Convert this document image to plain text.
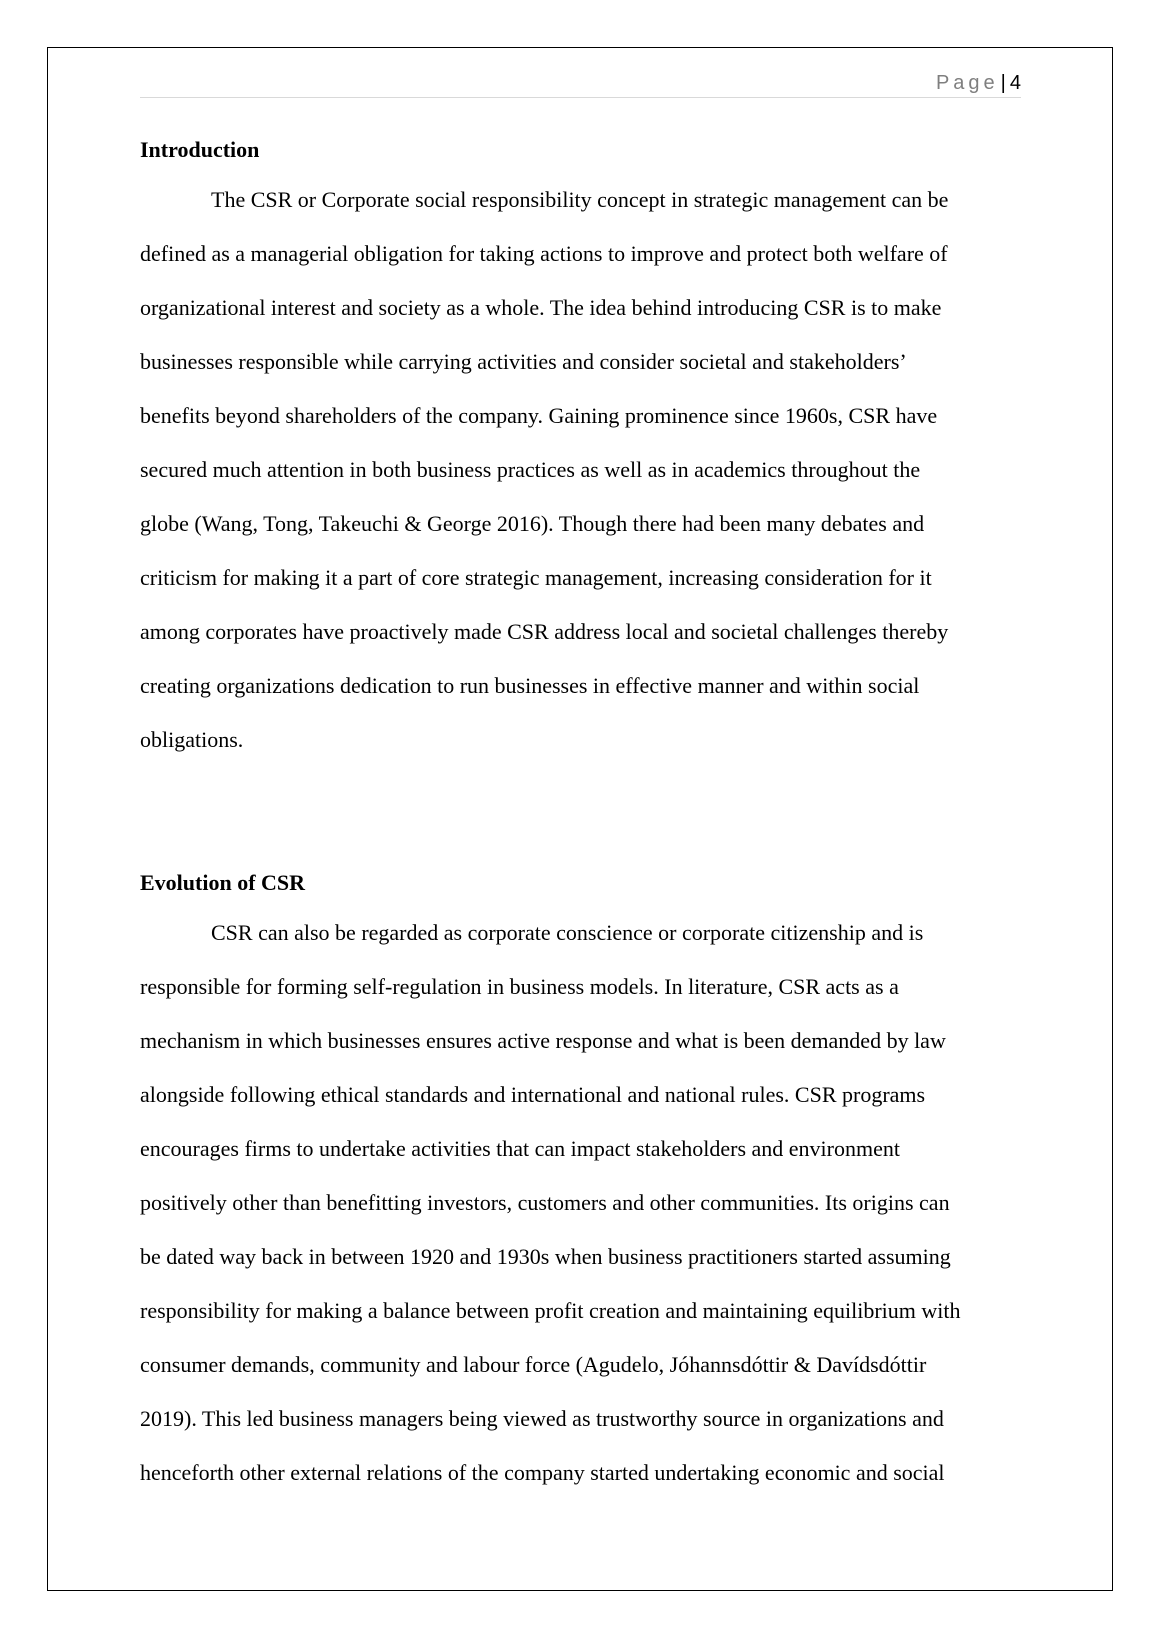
Page | 4
Introduction
The CSR or Corporate social responsibility concept in strategic management can be
defined as a managerial obligation for taking actions to improve and protect both welfare of
organizational interest and society as a whole. The idea behind introducing CSR is to make
businesses responsible while carrying activities and consider societal and stakeholders’
benefits beyond shareholders of the company. Gaining prominence since 1960s, CSR have
secured much attention in both business practices as well as in academics throughout the
globe (Wang, Tong, Takeuchi & George 2016). Though there had been many debates and
criticism for making it a part of core strategic management, increasing consideration for it
among corporates have proactively made CSR address local and societal challenges thereby
creating organizations dedication to run businesses in effective manner and within social
obligations.
Evolution of CSR
CSR can also be regarded as corporate conscience or corporate citizenship and is
responsible for forming self-regulation in business models. In literature, CSR acts as a
mechanism in which businesses ensures active response and what is been demanded by law
alongside following ethical standards and international and national rules. CSR programs
encourages firms to undertake activities that can impact stakeholders and environment
positively other than benefitting investors, customers and other communities. Its origins can
be dated way back in between 1920 and 1930s when business practitioners started assuming
responsibility for making a balance between profit creation and maintaining equilibrium with
consumer demands, community and labour force (Agudelo, Jóhannsdóttir & Davídsdóttir
2019). This led business managers being viewed as trustworthy source in organizations and
henceforth other external relations of the company started undertaking economic and social
